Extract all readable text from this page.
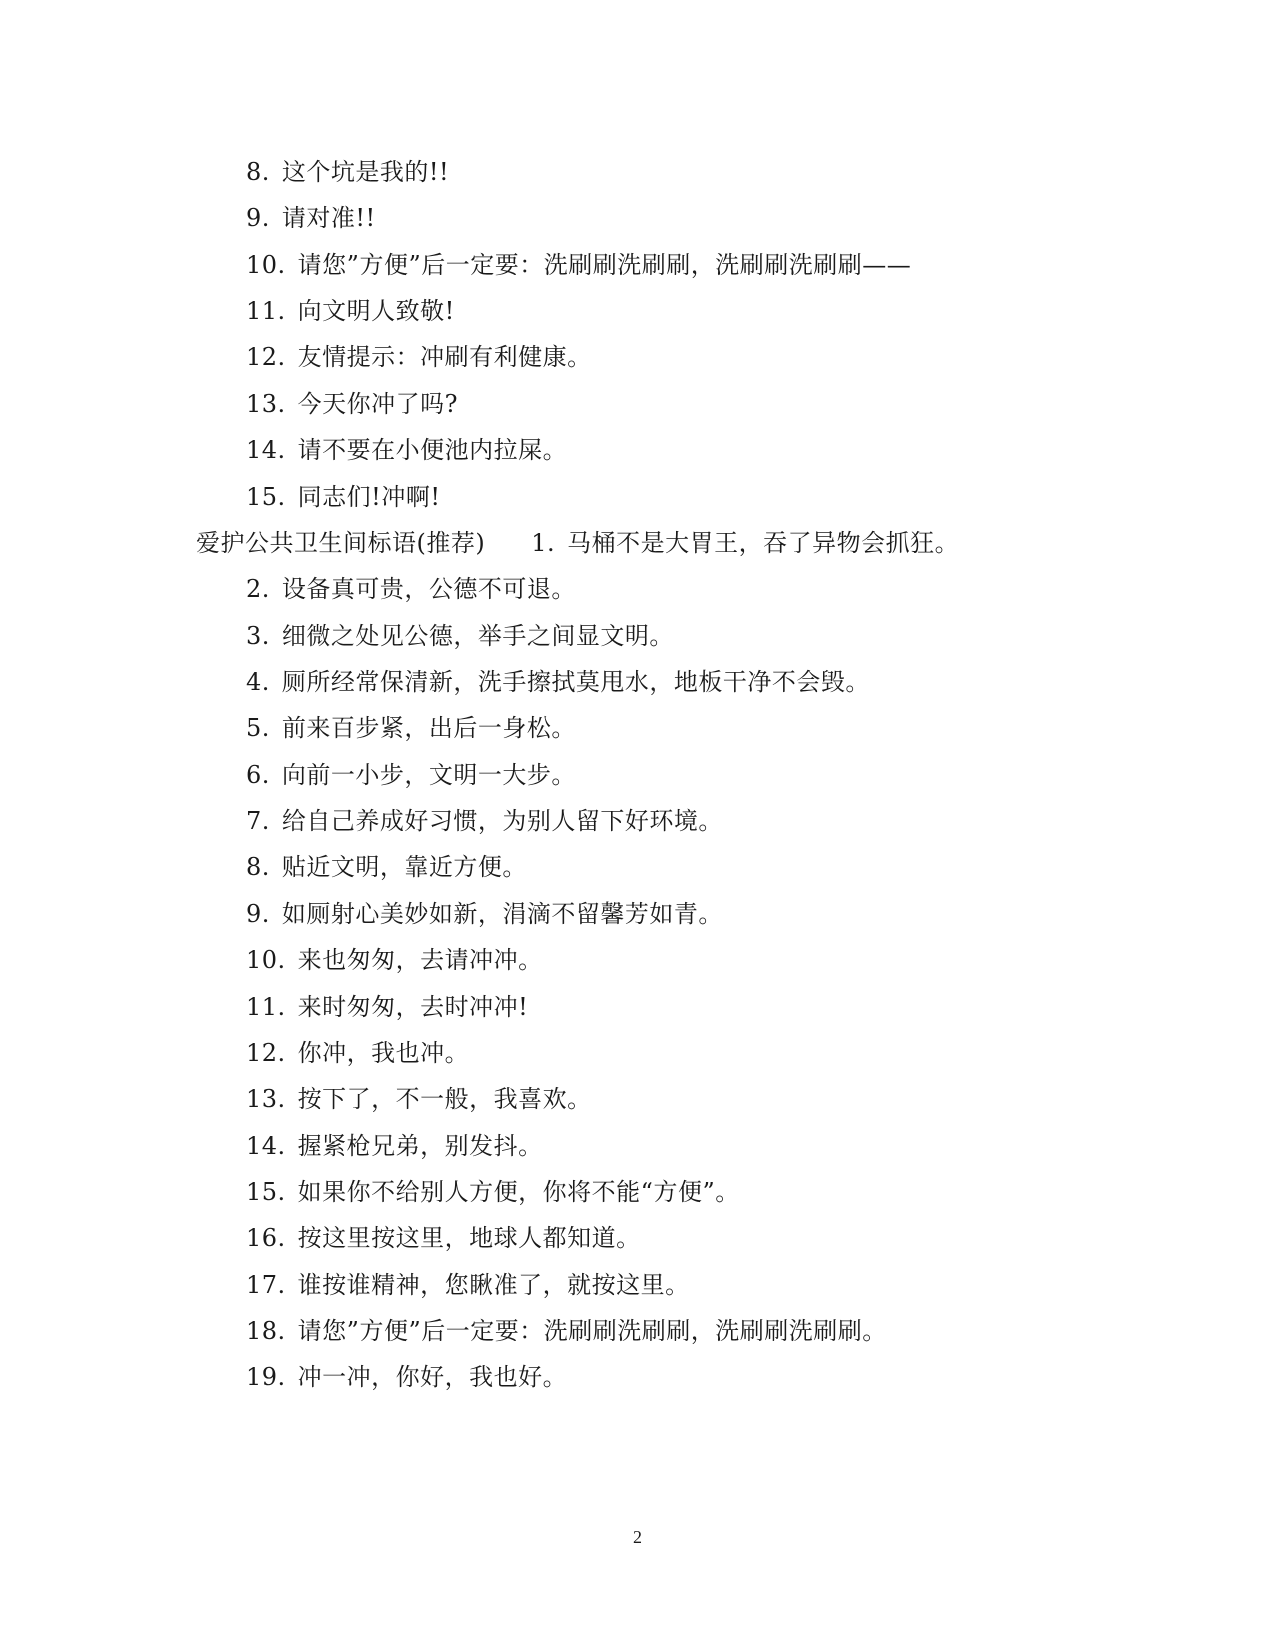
8. 这个坑是我的!!
9. 请对准!!
10. 请您”方便”后一定要：洗刷刷洗刷刷，洗刷刷洗刷刷——
11. 向文明人致敬!
12. 友情提示：冲刷有利健康。
13. 今天你冲了吗?
14. 请不要在小便池内拉屎。
15. 同志们!冲啊!
爱护公共卫生间标语(推荐) 1. 马桶不是大胃王，吞了异物会抓狂。
2. 设备真可贵，公德不可退。
3. 细微之处见公德，举手之间显文明。
4. 厕所经常保清新，洗手擦拭莫甩水，地板干净不会毁。
5. 前来百步紧，出后一身松。
6. 向前一小步，文明一大步。
7. 给自己养成好习惯，为别人留下好环境。
8. 贴近文明，靠近方便。
9. 如厕射心美妙如新，涓滴不留馨芳如青。
10. 来也匆匆，去请冲冲。
11. 来时匆匆，去时冲冲!
12. 你冲，我也冲。
13. 按下了，不一般，我喜欢。
14. 握紧枪兄弟，别发抖。
15. 如果你不给别人方便，你将不能“方便”。
16. 按这里按这里，地球人都知道。
17. 谁按谁精神，您瞅准了，就按这里。
18. 请您”方便”后一定要：洗刷刷洗刷刷，洗刷刷洗刷刷。
19. 冲一冲，你好，我也好。
2
